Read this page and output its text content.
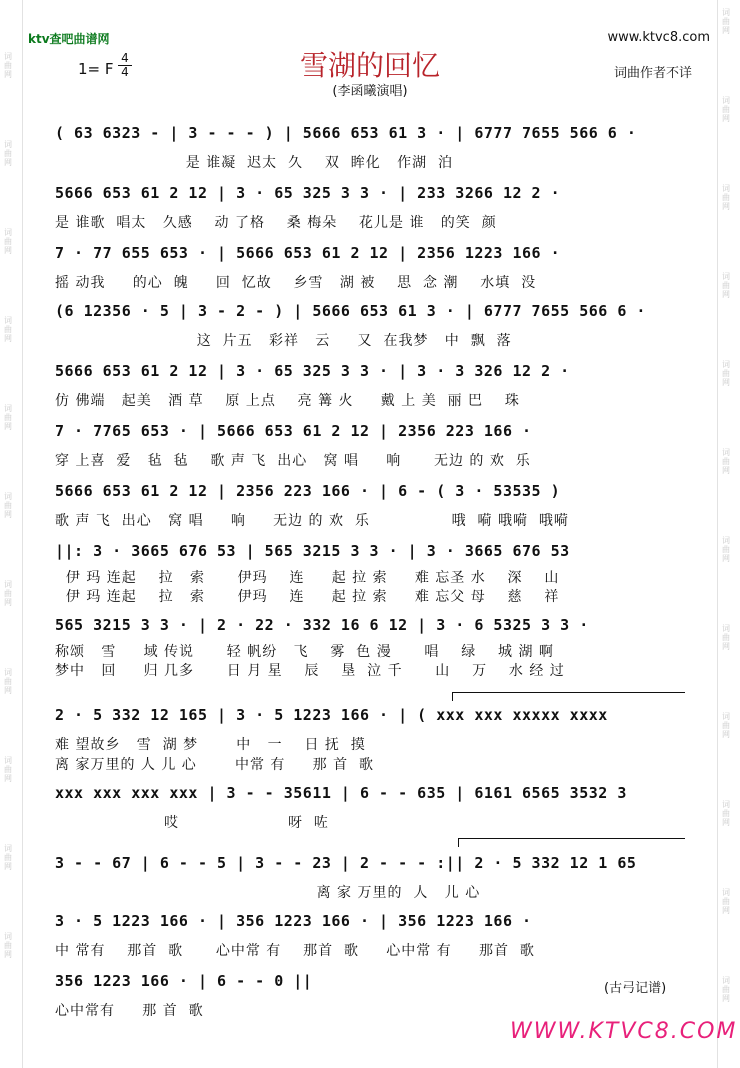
词曲网
词曲网
词曲网
词曲网
词曲网
词曲网
词曲网
词曲网
词曲网
词曲网
词曲网
词曲网
词曲网
词曲网
词曲网
词曲网
词曲网
词曲网
词曲网
词曲网
词曲网
词曲网
词曲网
ktv查吧曲谱网	www.ktvc8.com
雪湖的回忆
1= F
4
4
(李函曦演唱)
词曲作者不详
( 63 6323 - | 3 - - - ) | 5666 653 61 3 · | 6777 7655 566 6 ·
是 谁凝  迟太  久    双  眸化   作湖  泊
5666 653 61 2 12 | 3 · 65 325 3 3 · | 233 3266 12 2 ·
是 谁歌  唱太   久感    动 了格    桑 梅朵    花儿是 谁   的笑  颜
7 · 77 655 653 · | 5666 653 61 2 12 | 2356 1223 166 ·
摇 动我     的心  魄     回  忆故    乡雪   湖 被    思  念 潮    水填  没
(6 12356 · 5 | 3 - 2 - ) | 5666 653 61 3 · | 6777 7655 566 6 ·
这  片五   彩祥   云     又  在我梦   中  飘  落
5666 653 61 2 12 | 3 · 65 325 3 3 · | 3 · 3 326 12 2 ·
仿 佛端   起美   酒 草    原 上点    亮 篝 火     戴 上 美  丽 巴    珠
7 · 7765 653 · | 5666 653 61 2 12 | 2356 223 166 ·
穿 上喜  爱   毡  毡    歌 声 飞  出心   窝 唱     响      无边 的 欢  乐
5666 653 61 2 12 | 2356 223 166 · | 6 - ( 3 · 53535 )
歌 声 飞  出心   窝 唱     响     无边 的 欢  乐               哦  嗬 哦嗬  哦嗬
||: 3 · 3665 676 53 | 565 3215 3 3 · | 3 · 3665 676 53
伊 玛 连起    拉   索      伊玛    连     起 拉 索     难 忘圣 水    深    山
伊 玛 连起    拉   索      伊玛    连     起 拉 索     难 忘父 母    慈    祥
565 3215 3 3 · | 2 · 22 · 332 16 6 12 | 3 · 6 5325 3 3 ·
称颂   雪     域 传说      轻 帆纷   飞    雾  色 漫      唱    绿    城 湖 啊
梦中   回     归 几多      日 月 星    辰    垦  泣 千      山    万    水 经 过
2 · 5 332 12 165 | 3 · 5 1223 166 · | ( xxx xxx xxxxx xxxx
难 望故乡   雪  湖 梦       中   一    日 抚  摸
离 家万里的 人 儿 心       中常 有     那 首  歌
xxx xxx xxx xxx | 3 - - 35611 | 6 - - 635 | 6161 6565 3532 3
哎                    呀  咗
3 - - 67 | 6 - - 5 | 3 - - 23 | 2 - - - :|| 2 · 5 332 12 1 65
离 家 万里的  人   儿 心
3 · 5 1223 166 · | 356 1223 166 · | 356 1223 166 ·
中 常有    那首  歌      心中常 有    那首  歌     心中常 有     那首  歌
356 1223 166 · | 6 - - 0 ||
心中常有     那 首  歌
(古弓记谱)
WWW.KTVC8.COM
